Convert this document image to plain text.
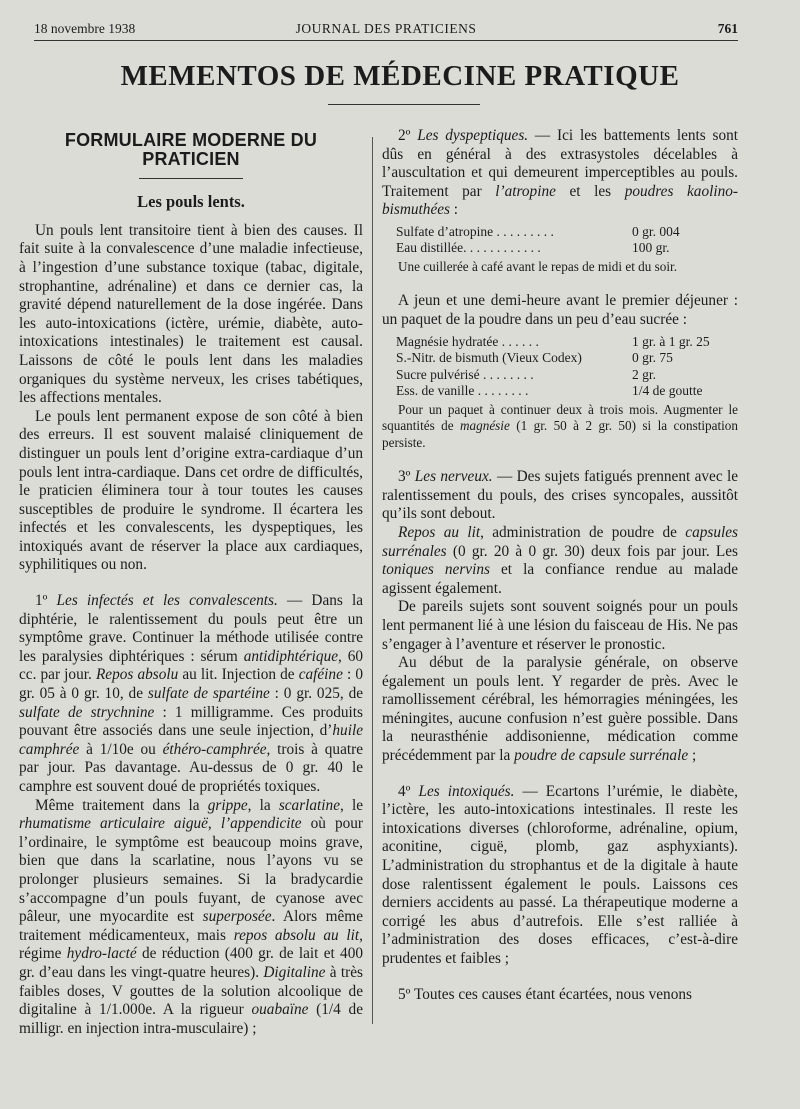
18 novembre 1938	JOURNAL DES PRATICIENS	761
MEMENTOS DE MÉDECINE PRATIQUE
FORMULAIRE MODERNE DU PRATICIEN
Les pouls lents.

Un pouls lent transitoire tient à bien des causes. Il fait suite à la convalescence d’une maladie infectieuse, à l’ingestion d’une substance toxique (tabac, digitale, strophantine, adrénaline) et dans ce dernier cas, la gravité dépend naturellement de la dose ingérée. Dans les auto-intoxications (ictère, urémie, diabète, auto-intoxications intestinales) le traitement est causal. Laissons de côté le pouls lent dans les maladies organiques du système nerveux, les crises tabétiques, les affections mentales.

Le pouls lent permanent expose de son côté à bien des erreurs. Il est souvent malaisé cliniquement de distinguer un pouls lent d’origine extra-cardiaque d’un pouls lent intra-cardiaque. Dans cet ordre de difficultés, le praticien éliminera tour à tour toutes les causes susceptibles de produire le syndrome. Il écartera les infectés et les convalescents, les dyspeptiques, les intoxiqués avant de réserver la place aux cardiaques, syphilitiques ou non.

1º Les infectés et les convalescents. — Dans la diphtérie, le ralentissement du pouls peut être un symptôme grave. Continuer la méthode utilisée contre les paralysies diphtériques : sérum antidiphtérique, 60 cc. par jour. Repos absolu au lit. Injection de caféine : 0 gr. 05 à 0 gr. 10, de sulfate de spartéine : 0 gr. 025, de sulfate de strychnine : 1 milligramme. Ces produits pouvant être associés dans une seule injection, d’huile camphrée à 1/10e ou éthéro-camphrée, trois à quatre par jour. Pas davantage. Au-dessus de 0 gr. 40 le camphre est souvent doué de propriétés toxiques.

Même traitement dans la grippe, la scarlatine, le rhumatisme articulaire aiguë, l’appendicite où pour l’ordinaire, le symptôme est beaucoup moins grave, bien que dans la scarlatine, nous l’ayons vu se prolonger plusieurs semaines. Si la bradycardie s’accompagne d’un pouls fuyant, de cyanose avec pâleur, une myocardite est superposée. Alors même traitement médicamenteux, mais repos absolu au lit, régime hydro-lacté de réduction (400 gr. de lait et 400 gr. d’eau dans les vingt-quatre heures). Digitaline à très faibles doses, V gouttes de la solution alcoolique de digitaline à 1/1.000e. A la rigueur ouabaïne (1/4 de milligr. en injection intra-musculaire) ;

2º Les dyspeptiques. — Ici les battements lents sont dûs en général à des extrasystoles décelables à l’auscultation et qui demeurent imperceptibles au pouls. Traitement par l’atropine et les poudres kaolino-bismuthées :

Sulfate d’atropine . . . . . . . . .	0 gr. 004
Eau distillée. . . . . . . . . . . .	100 gr.
Une cuillerée à café avant le repas de midi et du soir.

A jeun et une demi-heure avant le premier déjeuner : un paquet de la poudre dans un peu d’eau sucrée :

Magnésie hydratée . . . . . .	1 gr. à 1 gr. 25
S.-Nitr. de bismuth (Vieux Codex)	0 gr. 75
Sucre pulvérisé . . . . . . . .	2 gr.
Ess. de vanille . . . . . . . .	1/4 de goutte
Pour un paquet à continuer deux à trois mois. Augmenter le squantités de magnésie (1 gr. 50 à 2 gr. 50) si la constipation persiste.

3º Les nerveux. — Des sujets fatigués prennent avec le ralentissement du pouls, des crises syncopales, aussitôt qu’ils sont debout.

Repos au lit, administration de poudre de capsules surrénales (0 gr. 20 à 0 gr. 30) deux fois par jour. Les toniques nervins et la confiance rendue au malade agissent également.

De pareils sujets sont souvent soignés pour un pouls lent permanent lié à une lésion du faisceau de His. Ne pas s’engager à l’aventure et réserver le pronostic.

Au début de la paralysie générale, on observe également un pouls lent. Y regarder de près. Avec le ramollissement cérébral, les hémorragies méningées, les méningites, aucune confusion n’est guère possible. Dans la neurasthénie addisonienne, médication comme précédemment par la poudre de capsule surrénale ;

4º Les intoxiqués. — Ecartons l’urémie, le diabète, l’ictère, les auto-intoxications intestinales. Il reste les intoxications diverses (chloroforme, adrénaline, opium, aconitine, ciguë, plomb, gaz asphyxiants). L’administration du strophantus et de la digitale à haute dose ralentissent également le pouls. Laissons ces derniers accidents au passé. La thérapeutique moderne a corrigé les abus d’autrefois. Elle s’est ralliée à l’administration des doses efficaces, c’est-à-dire prudentes et faibles ;

5º Toutes ces causes étant écartées, nous venons
